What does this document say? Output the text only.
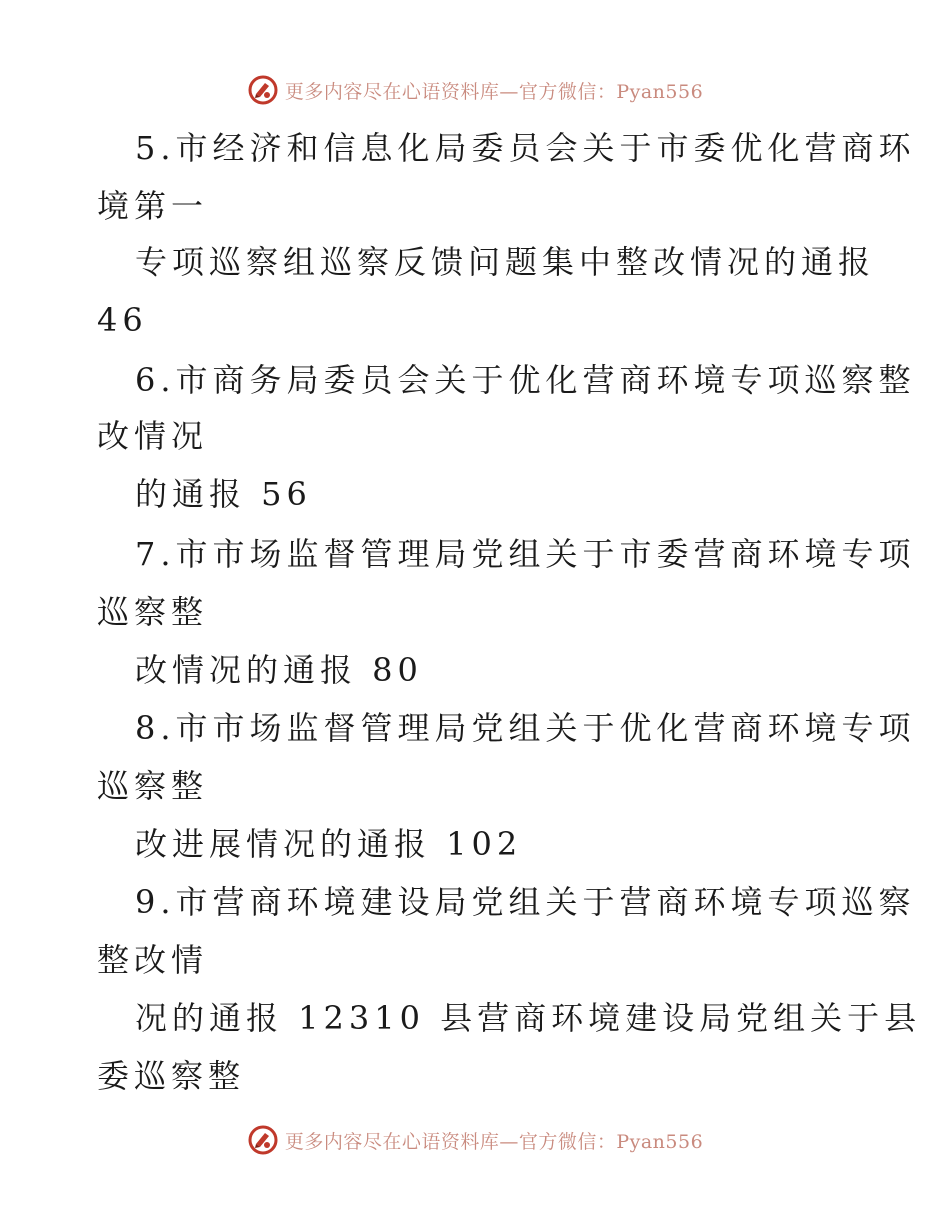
更多内容尽在心语资料库—官方微信：Pyan556
5.市经济和信息化局委员会关于市委优化营商环
境第一
专项巡察组巡察反馈问题集中整改情况的通报
46
6.市商务局委员会关于优化营商环境专项巡察整
改情况
的通报 56
7.市市场监督管理局党组关于市委营商环境专项
巡察整
改情况的通报 80
8.市市场监督管理局党组关于优化营商环境专项
巡察整
改进展情况的通报 102
9.市营商环境建设局党组关于营商环境专项巡察
整改情
况的通报 12310 县营商环境建设局党组关于县
委巡察整
更多内容尽在心语资料库—官方微信：Pyan556
